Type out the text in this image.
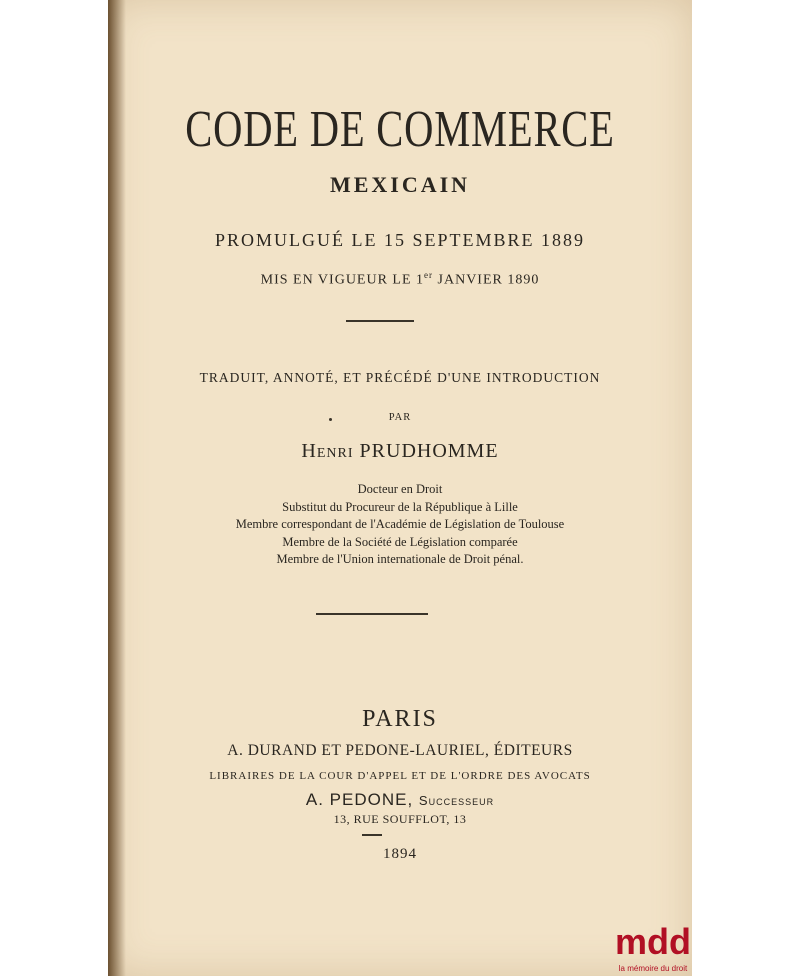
CODE DE COMMERCE
MEXICAIN
PROMULGUÉ LE 15 SEPTEMBRE 1889
MIS EN VIGUEUR LE 1er JANVIER 1890
TRADUIT, ANNOTÉ, ET PRÉCÉDÉ D'UNE INTRODUCTION
PAR
Henri PRUDHOMME
Docteur en Droit
Substitut du Procureur de la République à Lille
Membre correspondant de l'Académie de Législation de Toulouse
Membre de la Société de Législation comparée
Membre de l'Union internationale de Droit pénal.
PARIS
A. DURAND ET PEDONE-LAURIEL, ÉDITEURS
LIBRAIRES DE LA COUR D'APPEL ET DE L'ORDRE DES AVOCATS
A. PEDONE, Successeur
13, RUE SOUFFLOT, 13
1894
mdd
la mémoire du droit
